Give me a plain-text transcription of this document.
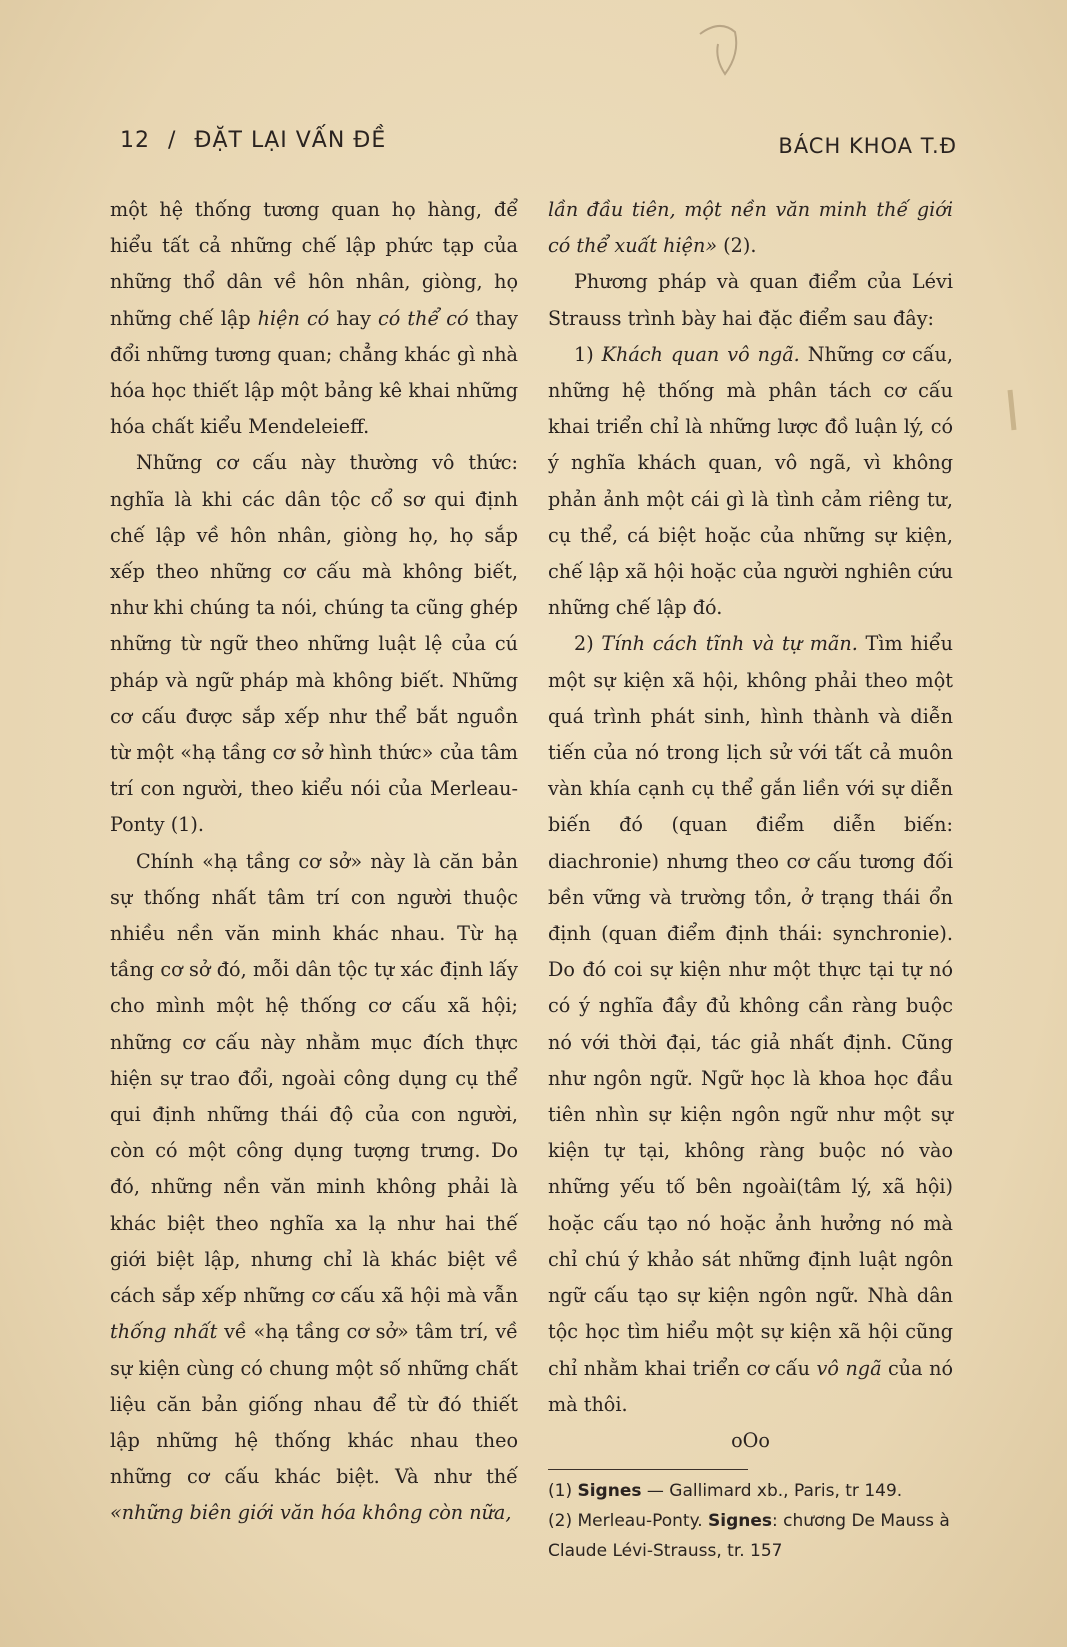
12 / ĐẶT LẠI VẤN ĐỀ	BÁCH KHOA T.Đ

một hệ thống tương quan họ hàng, để hiểu tất cả những chế lập phức tạp của những thổ dân về hôn nhân, giòng, họ những chế lập hiện có hay có thể có thay đổi những tương quan; chẳng khác gì nhà hóa học thiết lập một bảng kê khai những hóa chất kiểu Mendeleieff.

Những cơ cấu này thường vô thức: nghĩa là khi các dân tộc cổ sơ qui định chế lập về hôn nhân, giòng họ, họ sắp xếp theo những cơ cấu mà không biết, như khi chúng ta nói, chúng ta cũng ghép những từ ngữ theo những luật lệ của cú pháp và ngữ pháp mà không biết. Những cơ cấu được sắp xếp như thể bắt nguồn từ một «hạ tầng cơ sở hình thức» của tâm trí con người, theo kiểu nói của Merleau-Ponty (1).

Chính «hạ tầng cơ sở» này là căn bản sự thống nhất tâm trí con người thuộc nhiều nền văn minh khác nhau. Từ hạ tầng cơ sở đó, mỗi dân tộc tự xác định lấy cho mình một hệ thống cơ cấu xã hội; những cơ cấu này nhằm mục đích thực hiện sự trao đổi, ngoài công dụng cụ thể qui định những thái độ của con người, còn có một công dụng tượng trưng. Do đó, những nền văn minh không phải là khác biệt theo nghĩa xa lạ như hai thế giới biệt lập, nhưng chỉ là khác biệt về cách sắp xếp những cơ cấu xã hội mà vẫn thống nhất về «hạ tầng cơ sở» tâm trí, về sự kiện cùng có chung một số những chất liệu căn bản giống nhau để từ đó thiết lập những hệ thống khác nhau theo những cơ cấu khác biệt. Và như thế «những biên giới văn hóa không còn nữa,

lần đầu tiên, một nền văn minh thế giới có thể xuất hiện» (2).

Phương pháp và quan điểm của Lévi Strauss trình bày hai đặc điểm sau đây:

1) Khách quan vô ngã. Những cơ cấu, những hệ thống mà phân tách cơ cấu khai triển chỉ là những lược đồ luận lý, có ý nghĩa khách quan, vô ngã, vì không phản ảnh một cái gì là tình cảm riêng tư, cụ thể, cá biệt hoặc của những sự kiện, chế lập xã hội hoặc của người nghiên cứu những chế lập đó.

2) Tính cách tĩnh và tự mãn. Tìm hiểu một sự kiện xã hội, không phải theo một quá trình phát sinh, hình thành và diễn tiến của nó trong lịch sử với tất cả muôn vàn khía cạnh cụ thể gắn liền với sự diễn biến đó (quan điểm diễn biến: diachronie) nhưng theo cơ cấu tương đối bền vững và trường tồn, ở trạng thái ổn định (quan điểm định thái: synchronie). Do đó coi sự kiện như một thực tại tự nó có ý nghĩa đầy đủ không cần ràng buộc nó với thời đại, tác giả nhất định. Cũng như ngôn ngữ. Ngữ học là khoa học đầu tiên nhìn sự kiện ngôn ngữ như một sự kiện tự tại, không ràng buộc nó vào những yếu tố bên ngoài(tâm lý, xã hội) hoặc cấu tạo nó hoặc ảnh hưởng nó mà chỉ chú ý khảo sát những định luật ngôn ngữ cấu tạo sự kiện ngôn ngữ. Nhà dân tộc học tìm hiểu một sự kiện xã hội cũng chỉ nhằm khai triển cơ cấu vô ngã của nó mà thôi.

oOo

(1) Signes — Gallimard xb., Paris, tr 149.
(2) Merleau-Ponty. Signes: chương De Mauss à Claude Lévi-Strauss, tr. 157
